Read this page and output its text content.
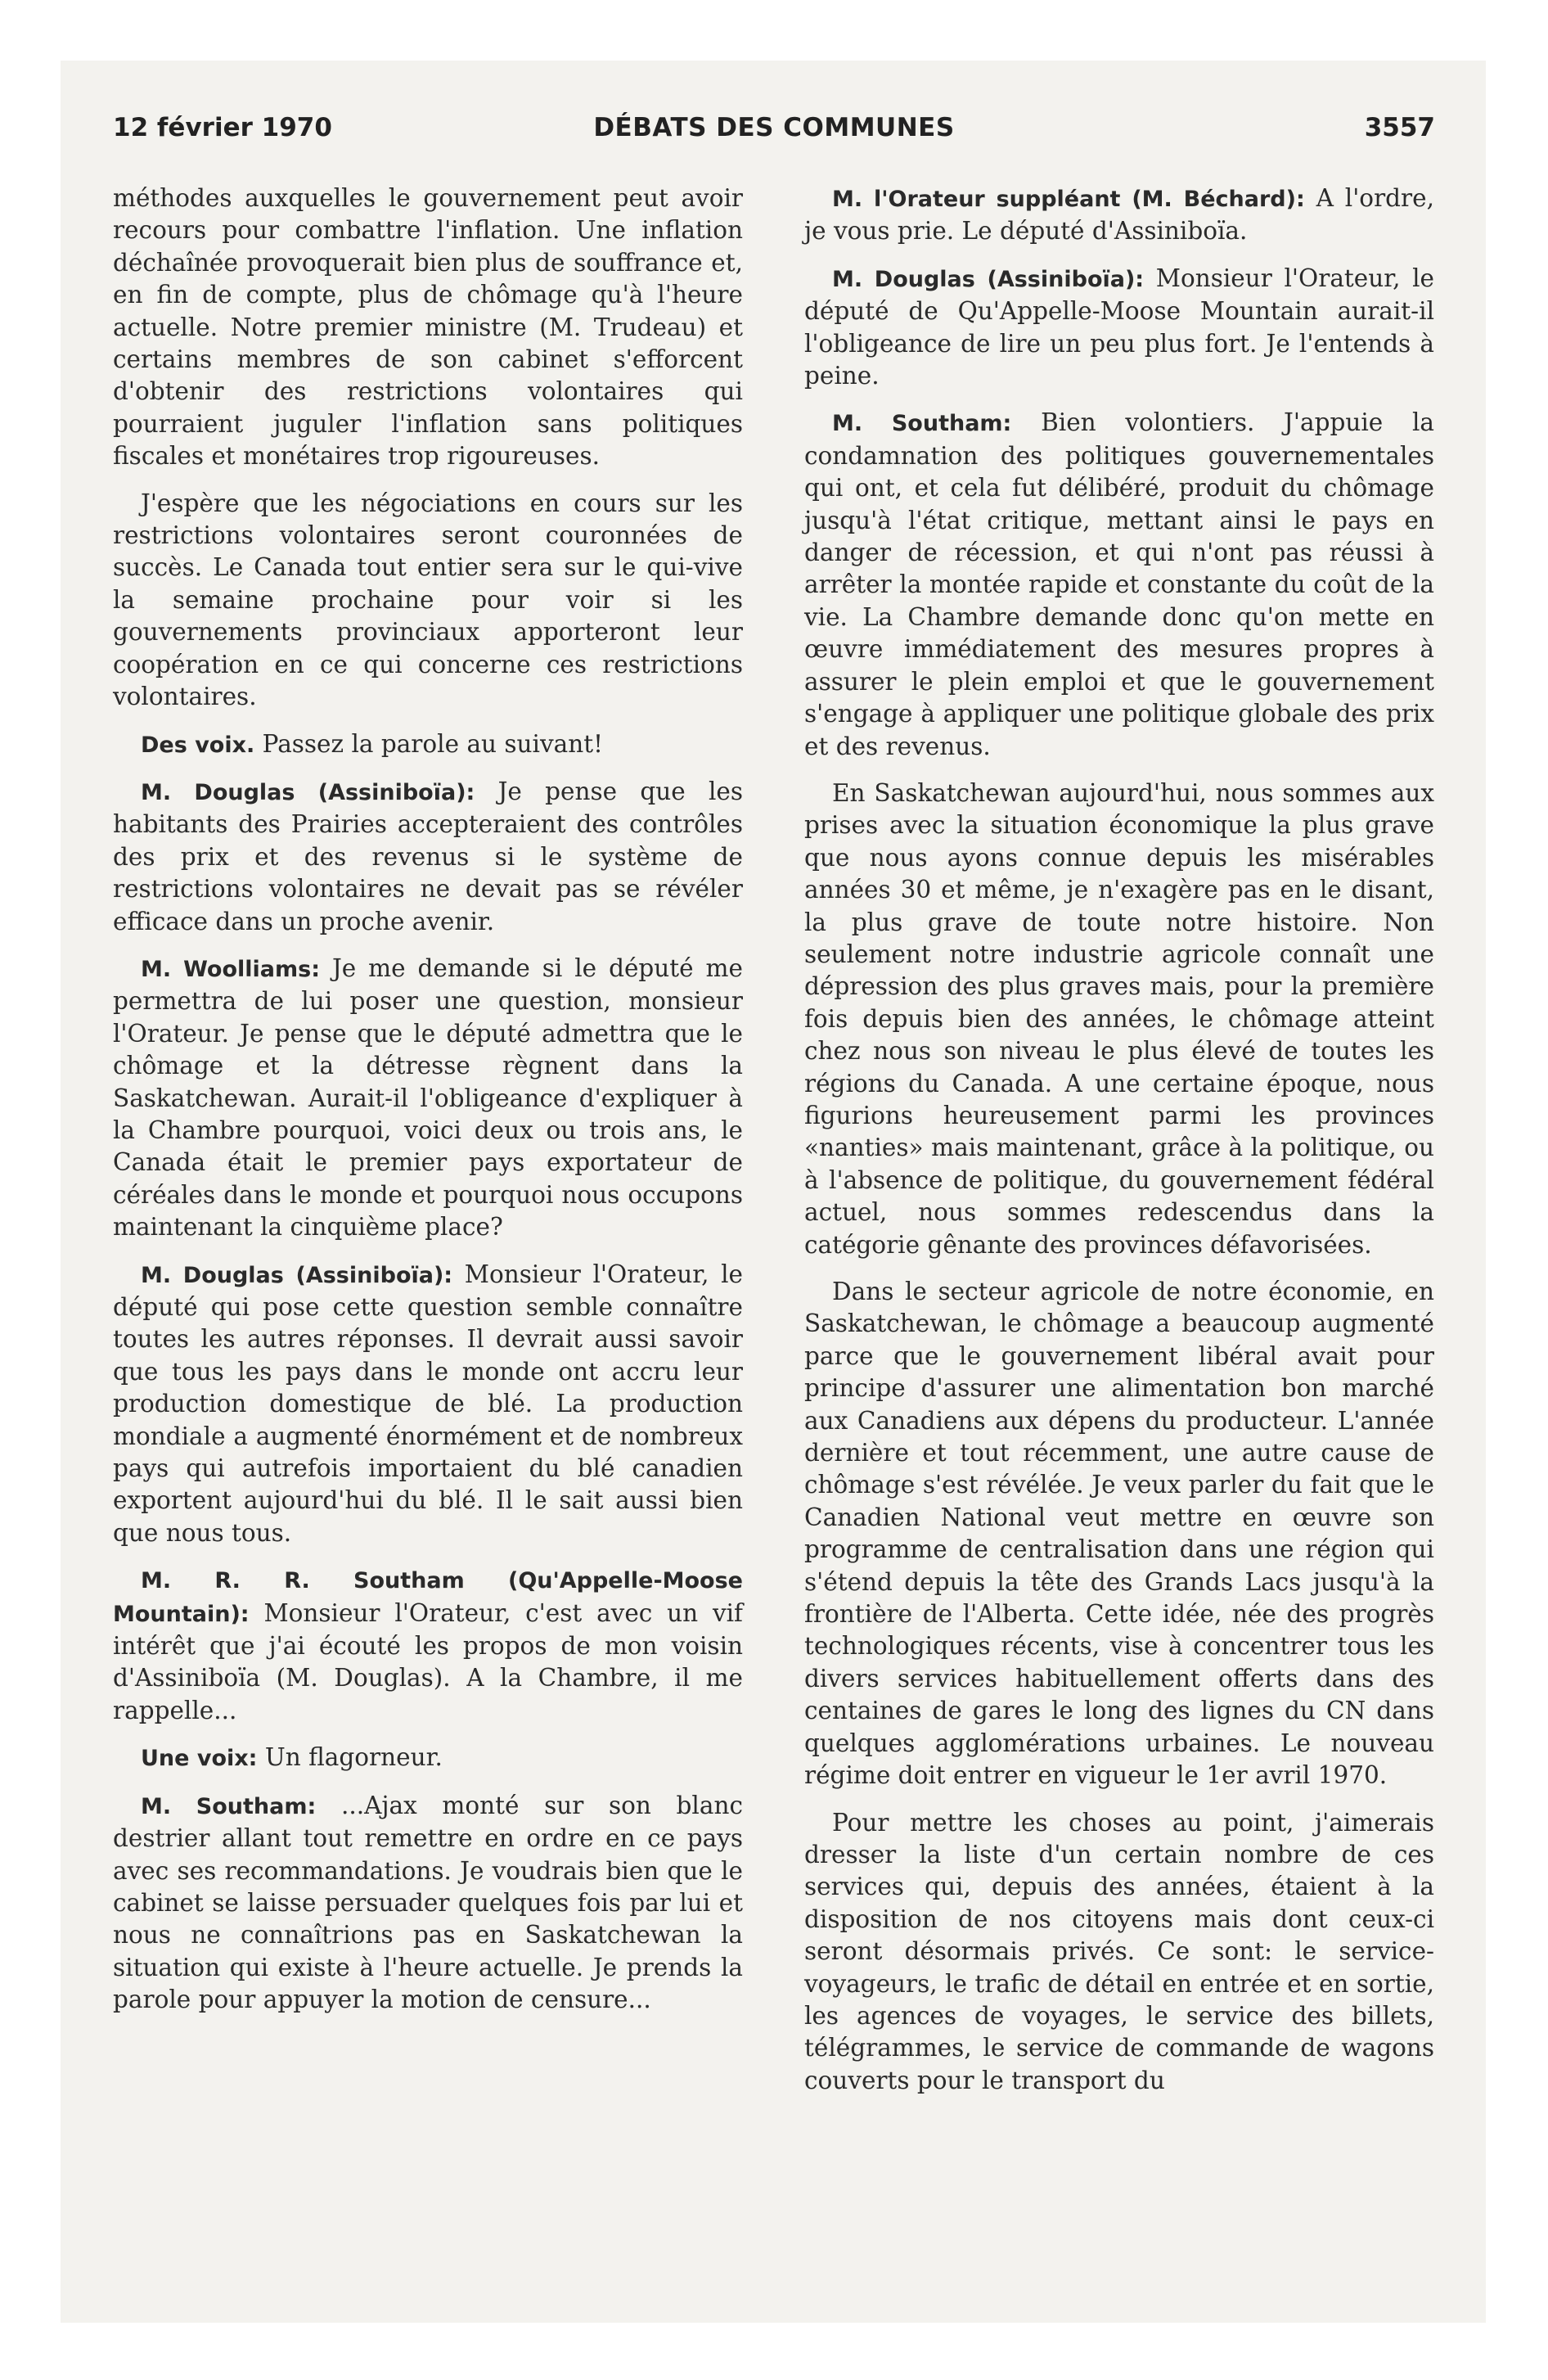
12 février 1970	DÉBATS DES COMMUNES	3557

méthodes auxquelles le gouvernement peut avoir recours pour combattre l'inflation. Une inflation déchaînée provoquerait bien plus de souffrance et, en fin de compte, plus de chômage qu'à l'heure actuelle. Notre premier ministre (M. Trudeau) et certains membres de son cabinet s'efforcent d'obtenir des restrictions volontaires qui pourraient juguler l'inflation sans politiques fiscales et monétaires trop rigoureuses.

J'espère que les négociations en cours sur les restrictions volontaires seront couronnées de succès. Le Canada tout entier sera sur le qui-vive la semaine prochaine pour voir si les gouvernements provinciaux apporteront leur coopération en ce qui concerne ces restrictions volontaires.

Des voix. Passez la parole au suivant!

M. Douglas (Assiniboïa): Je pense que les habitants des Prairies accepteraient des contrôles des prix et des revenus si le système de restrictions volontaires ne devait pas se révéler efficace dans un proche avenir.

M. Woolliams: Je me demande si le député me permettra de lui poser une question, monsieur l'Orateur. Je pense que le député admettra que le chômage et la détresse règnent dans la Saskatchewan. Aurait-il l'obligeance d'expliquer à la Chambre pourquoi, voici deux ou trois ans, le Canada était le premier pays exportateur de céréales dans le monde et pourquoi nous occupons maintenant la cinquième place?

M. Douglas (Assiniboïa): Monsieur l'Orateur, le député qui pose cette question semble connaître toutes les autres réponses. Il devrait aussi savoir que tous les pays dans le monde ont accru leur production domestique de blé. La production mondiale a augmenté énormément et de nombreux pays qui autrefois importaient du blé canadien exportent aujourd'hui du blé. Il le sait aussi bien que nous tous.

M. R. R. Southam (Qu'Appelle-Moose Mountain): Monsieur l'Orateur, c'est avec un vif intérêt que j'ai écouté les propos de mon voisin d'Assiniboïa (M. Douglas). A la Chambre, il me rappelle...

Une voix: Un flagorneur.

M. Southam: ...Ajax monté sur son blanc destrier allant tout remettre en ordre en ce pays avec ses recommandations. Je voudrais bien que le cabinet se laisse persuader quelques fois par lui et nous ne connaîtrions pas en Saskatchewan la situation qui existe à l'heure actuelle. Je prends la parole pour appuyer la motion de censure...

M. l'Orateur suppléant (M. Béchard): A l'ordre, je vous prie. Le député d'Assiniboïa.

M. Douglas (Assiniboïa): Monsieur l'Orateur, le député de Qu'Appelle-Moose Mountain aurait-il l'obligeance de lire un peu plus fort. Je l'entends à peine.

M. Southam: Bien volontiers. J'appuie la condamnation des politiques gouvernementales qui ont, et cela fut délibéré, produit du chômage jusqu'à l'état critique, mettant ainsi le pays en danger de récession, et qui n'ont pas réussi à arrêter la montée rapide et constante du coût de la vie. La Chambre demande donc qu'on mette en œuvre immédiatement des mesures propres à assurer le plein emploi et que le gouvernement s'engage à appliquer une politique globale des prix et des revenus.

En Saskatchewan aujourd'hui, nous sommes aux prises avec la situation économique la plus grave que nous ayons connue depuis les misérables années 30 et même, je n'exagère pas en le disant, la plus grave de toute notre histoire. Non seulement notre industrie agricole connaît une dépression des plus graves mais, pour la première fois depuis bien des années, le chômage atteint chez nous son niveau le plus élevé de toutes les régions du Canada. A une certaine époque, nous figurions heureusement parmi les provinces «nanties» mais maintenant, grâce à la politique, ou à l'absence de politique, du gouvernement fédéral actuel, nous sommes redescendus dans la catégorie gênante des provinces défavorisées.

Dans le secteur agricole de notre économie, en Saskatchewan, le chômage a beaucoup augmenté parce que le gouvernement libéral avait pour principe d'assurer une alimentation bon marché aux Canadiens aux dépens du producteur. L'année dernière et tout récemment, une autre cause de chômage s'est révélée. Je veux parler du fait que le Canadien National veut mettre en œuvre son programme de centralisation dans une région qui s'étend depuis la tête des Grands Lacs jusqu'à la frontière de l'Alberta. Cette idée, née des progrès technologiques récents, vise à concentrer tous les divers services habituellement offerts dans des centaines de gares le long des lignes du CN dans quelques agglomérations urbaines. Le nouveau régime doit entrer en vigueur le 1er avril 1970.

Pour mettre les choses au point, j'aimerais dresser la liste d'un certain nombre de ces services qui, depuis des années, étaient à la disposition de nos citoyens mais dont ceux-ci seront désormais privés. Ce sont: le service-voyageurs, le trafic de détail en entrée et en sortie, les agences de voyages, le service des billets, télégrammes, le service de commande de wagons couverts pour le transport du
